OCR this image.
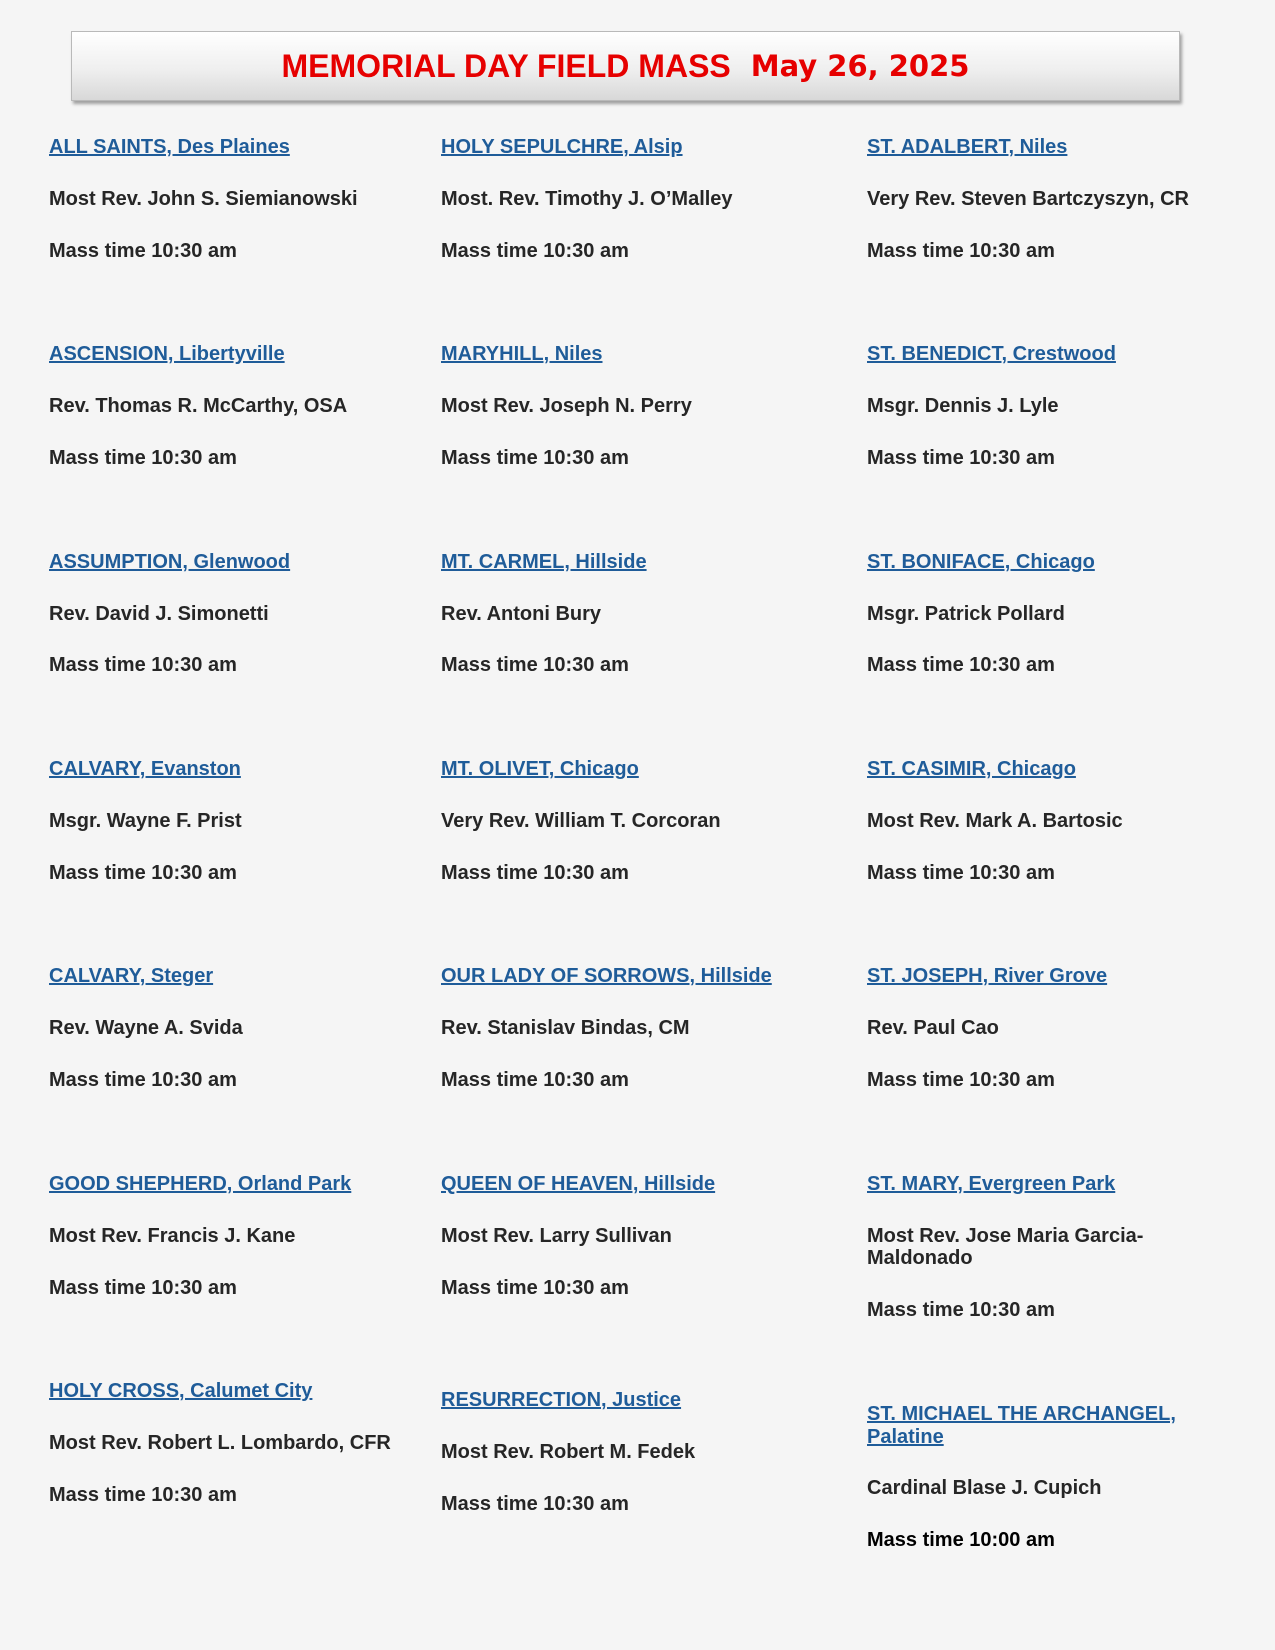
MEMORIAL DAY FIELD MASS May 26, 2025
ALL SAINTS, Des Plaines
Most Rev. John S. Siemianowski
Mass time 10:30 am
ASCENSION, Libertyville
Rev. Thomas R. McCarthy, OSA
Mass time 10:30 am
ASSUMPTION, Glenwood
Rev. David J. Simonetti
Mass time 10:30 am
CALVARY, Evanston
Msgr. Wayne F. Prist
Mass time 10:30 am
CALVARY, Steger
Rev. Wayne A. Svida
Mass time 10:30 am
GOOD SHEPHERD, Orland Park
Most Rev. Francis J. Kane
Mass time 10:30 am
HOLY CROSS, Calumet City
Most Rev. Robert L. Lombardo, CFR
Mass time 10:30 am
HOLY SEPULCHRE, Alsip
Most. Rev. Timothy J. O’Malley
Mass time 10:30 am
MARYHILL, Niles
Most Rev. Joseph N. Perry
Mass time 10:30 am
MT. CARMEL, Hillside
Rev. Antoni Bury
Mass time 10:30 am
MT. OLIVET, Chicago
Very Rev. William T. Corcoran
Mass time 10:30 am
OUR LADY OF SORROWS, Hillside
Rev. Stanislav Bindas, CM
Mass time 10:30 am
QUEEN OF HEAVEN, Hillside
Most Rev. Larry Sullivan
Mass time 10:30 am
RESURRECTION, Justice
Most Rev. Robert M. Fedek
Mass time 10:30 am
ST. ADALBERT, Niles
Very Rev. Steven Bartczyszyn, CR
Mass time 10:30 am
ST. BENEDICT, Crestwood
Msgr. Dennis J. Lyle
Mass time 10:30 am
ST. BONIFACE, Chicago
Msgr. Patrick Pollard
Mass time 10:30 am
ST. CASIMIR, Chicago
Most Rev. Mark A. Bartosic
Mass time 10:30 am
ST. JOSEPH, River Grove
Rev. Paul Cao
Mass time 10:30 am
ST. MARY, Evergreen Park
Most Rev. Jose Maria Garcia-Maldonado
Mass time 10:30 am
ST. MICHAEL THE ARCHANGEL, Palatine
Cardinal Blase J. Cupich
Mass time 10:00 am
